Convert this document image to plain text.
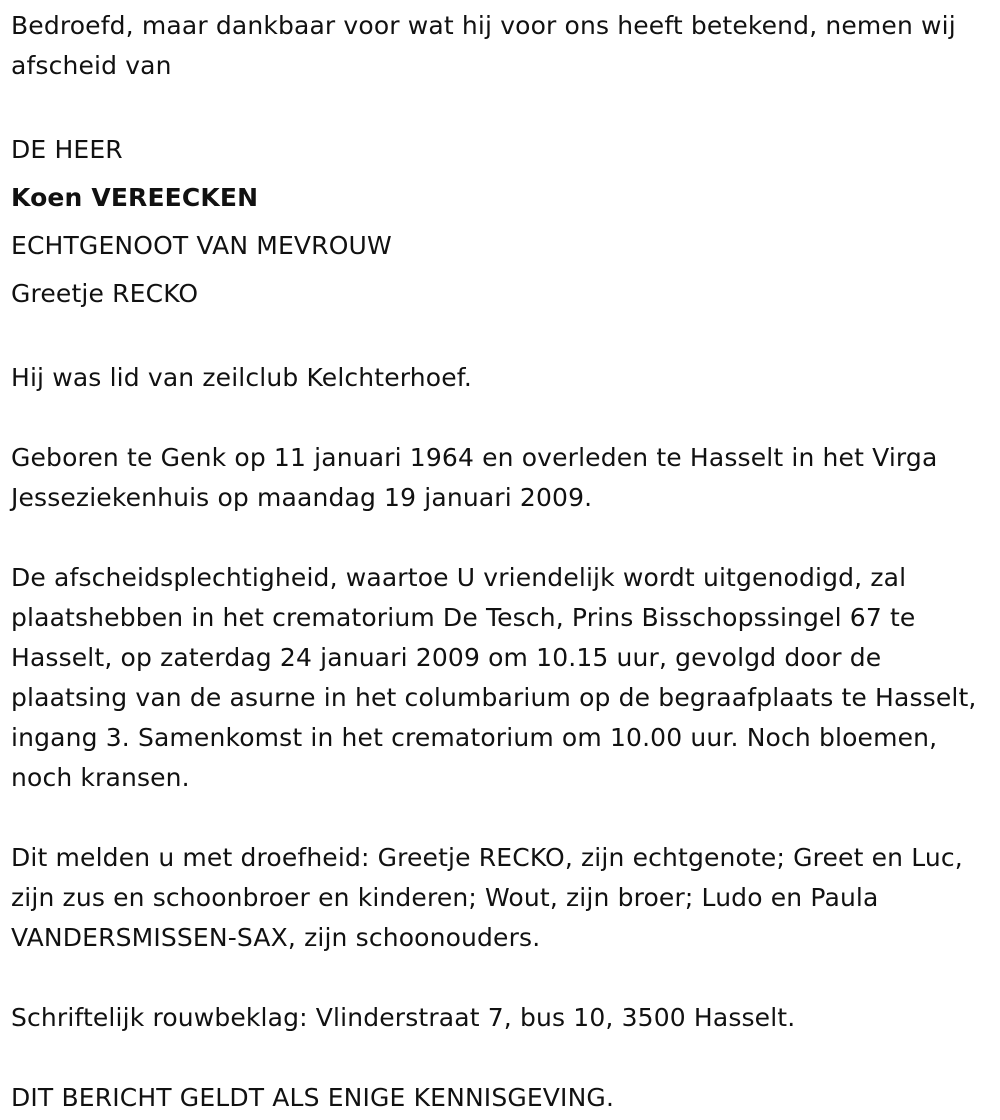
Bedroefd, maar dankbaar voor wat hij voor ons heeft betekend, nemen wij afscheid van

DE HEER

Koen VEREECKEN

ECHTGENOOT VAN MEVROUW

Greetje RECKO

Hij was lid van zeilclub Kelchterhoef.

Geboren te Genk op 11 januari 1964 en overleden te Hasselt in het Virga Jesseziekenhuis op maandag 19 januari 2009.

De afscheidsplechtigheid, waartoe U vriendelijk wordt uitgenodigd, zal plaatshebben in het crematorium De Tesch, Prins Bisschopssingel 67 te Hasselt, op zaterdag 24 januari 2009 om 10.15 uur, gevolgd door de plaatsing van de asurne in het columbarium op de begraafplaats te Hasselt, ingang 3. Samenkomst in het crematorium om 10.00 uur. Noch bloemen, noch kransen.

Dit melden u met droefheid: Greetje RECKO, zijn echtgenote; Greet en Luc, zijn zus en schoonbroer en kinderen; Wout, zijn broer; Ludo en Paula VANDERSMISSEN-SAX, zijn schoonouders.

Schriftelijk rouwbeklag: Vlinderstraat 7, bus 10, 3500 Hasselt.

DIT BERICHT GELDT ALS ENIGE KENNISGEVING.
